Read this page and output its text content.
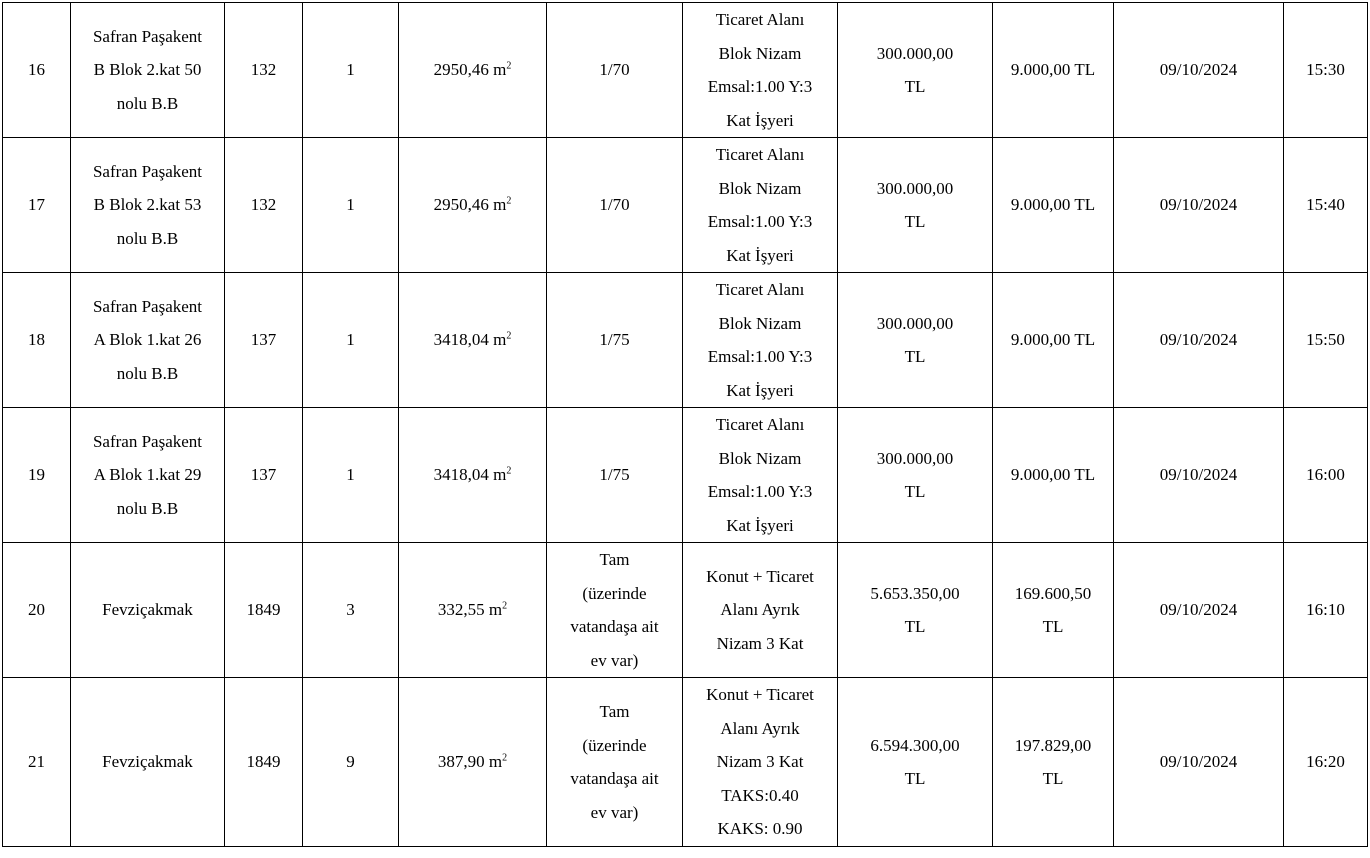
16	Safran Paşakent
B Blok 2.kat 50
nolu B.B	132	1	2950,46 $m^2$	1/70	Ticaret Alanı
Blok Nizam
Emsal:1.00 Y:3
Kat İşyeri	300.000,00
TL	9.000,00 TL	09/10/2024	15:30
17	Safran Paşakent
B Blok 2.kat 53
nolu B.B	132	1	2950,46 $m^2$	1/70	Ticaret Alanı
Blok Nizam
Emsal:1.00 Y:3
Kat İşyeri	300.000,00
TL	9.000,00 TL	09/10/2024	15:40
18	Safran Paşakent
A Blok 1.kat 26
nolu B.B	137	1	3418,04 $m^2$	1/75	Ticaret Alanı
Blok Nizam
Emsal:1.00 Y:3
Kat İşyeri	300.000,00
TL	9.000,00 TL	09/10/2024	15:50
19	Safran Paşakent
A Blok 1.kat 29
nolu B.B	137	1	3418,04 $m^2$	1/75	Ticaret Alanı
Blok Nizam
Emsal:1.00 Y:3
Kat İşyeri	300.000,00
TL	9.000,00 TL	09/10/2024	16:00
20	Fevziçakmak	1849	3	332,55 $m^2$	Tam
(üzerinde
vatandaşa ait
ev var)	Konut + Ticaret
Alanı Ayrık
Nizam 3 Kat	5.653.350,00
TL	169.600,50
TL	09/10/2024	16:10
21	Fevziçakmak	1849	9	387,90 $m^2$	Tam
(üzerinde
vatandaşa ait
ev var)	Konut + Ticaret
Alanı Ayrık
Nizam 3 Kat
TAKS:0.40
KAKS: 0.90	6.594.300,00
TL	197.829,00
TL	09/10/2024	16:20
